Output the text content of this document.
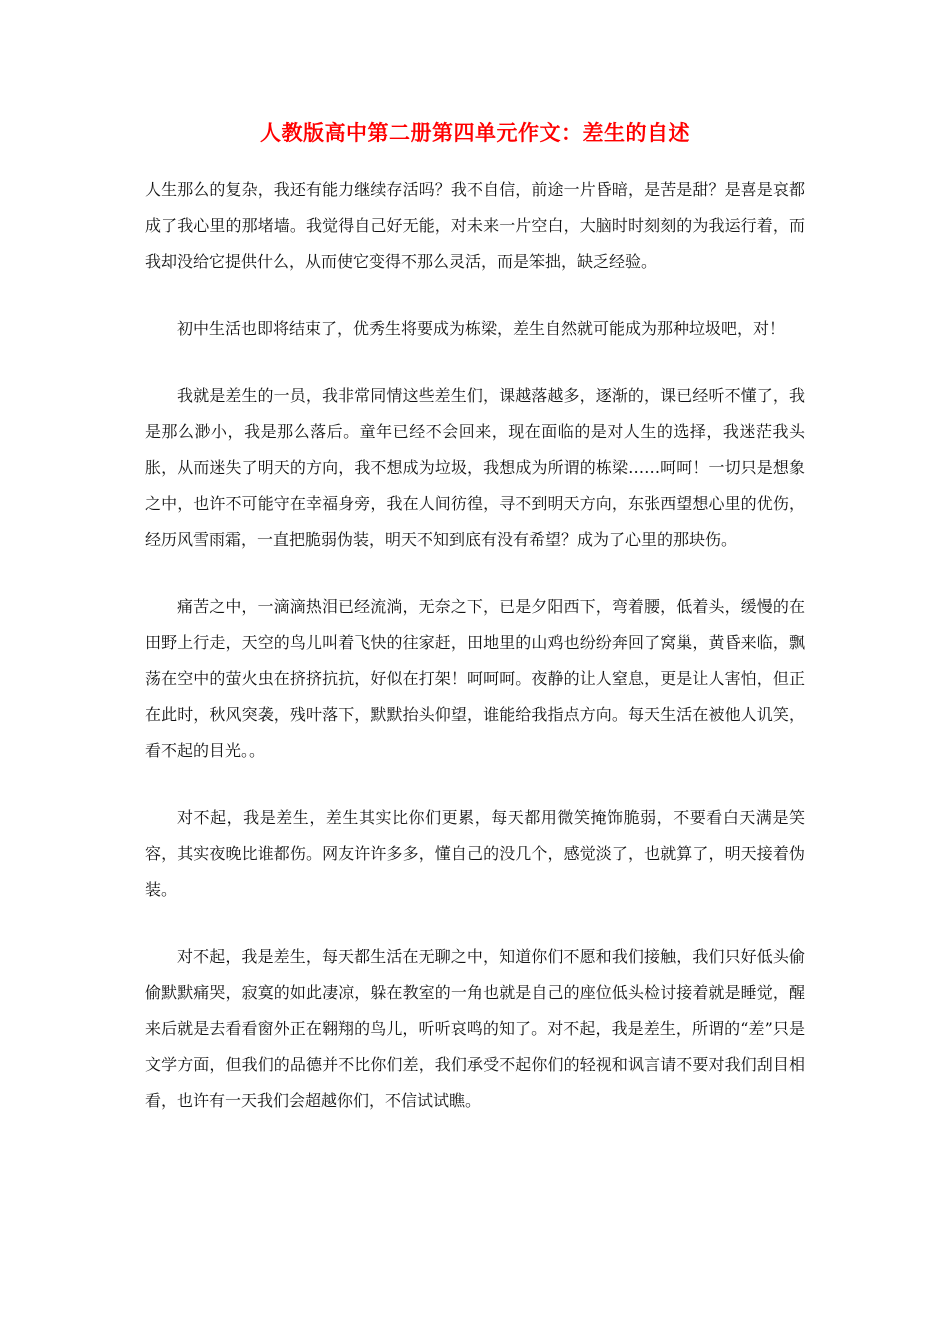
人教版高中第二册第四单元作文：差生的自述

人生那么的复杂，我还有能力继续存活吗？我不自信，前途一片昏暗，是苦是甜？是喜是哀都成了我心里的那堵墙。我觉得自己好无能，对未来一片空白，大脑时时刻刻的为我运行着，而我却没给它提供什么，从而使它变得不那么灵活，而是笨拙，缺乏经验。

初中生活也即将结束了，优秀生将要成为栋梁，差生自然就可能成为那种垃圾吧，对！

我就是差生的一员，我非常同情这些差生们，课越落越多，逐渐的，课已经听不懂了，我是那么渺小，我是那么落后。童年已经不会回来，现在面临的是对人生的选择，我迷茫我头胀，从而迷失了明天的方向，我不想成为垃圾，我想成为所谓的栋梁……呵呵！一切只是想象之中，也许不可能守在幸福身旁，我在人间彷徨，寻不到明天方向，东张西望想心里的优伤，经历风雪雨霜，一直把脆弱伪装，明天不知到底有没有希望？成为了心里的那块伤。

痛苦之中，一滴滴热泪已经流淌，无奈之下，已是夕阳西下，弯着腰，低着头，缓慢的在田野上行走，天空的鸟儿叫着飞快的往家赶，田地里的山鸡也纷纷奔回了窝巢，黄昏来临，飘荡在空中的萤火虫在挤挤抗抗，好似在打架！呵呵呵。夜静的让人窒息，更是让人害怕，但正在此时，秋风突袭，残叶落下，默默抬头仰望，谁能给我指点方向。每天生活在被他人讥笑，看不起的目光。。

对不起，我是差生，差生其实比你们更累，每天都用微笑掩饰脆弱，不要看白天满是笑容，其实夜晚比谁都伤。网友许许多多，懂自己的没几个，感觉淡了，也就算了，明天接着伪装。

对不起，我是差生，每天都生活在无聊之中，知道你们不愿和我们接触，我们只好低头偷偷默默痛哭，寂寞的如此凄凉，躲在教室的一角也就是自己的座位低头检讨接着就是睡觉，醒来后就是去看看窗外正在翱翔的鸟儿，听听哀鸣的知了。对不起，我是差生，所谓的“差”只是文学方面，但我们的品德并不比你们差，我们承受不起你们的轻视和讽言请不要对我们刮目相看，也许有一天我们会超越你们，不信试试瞧。
